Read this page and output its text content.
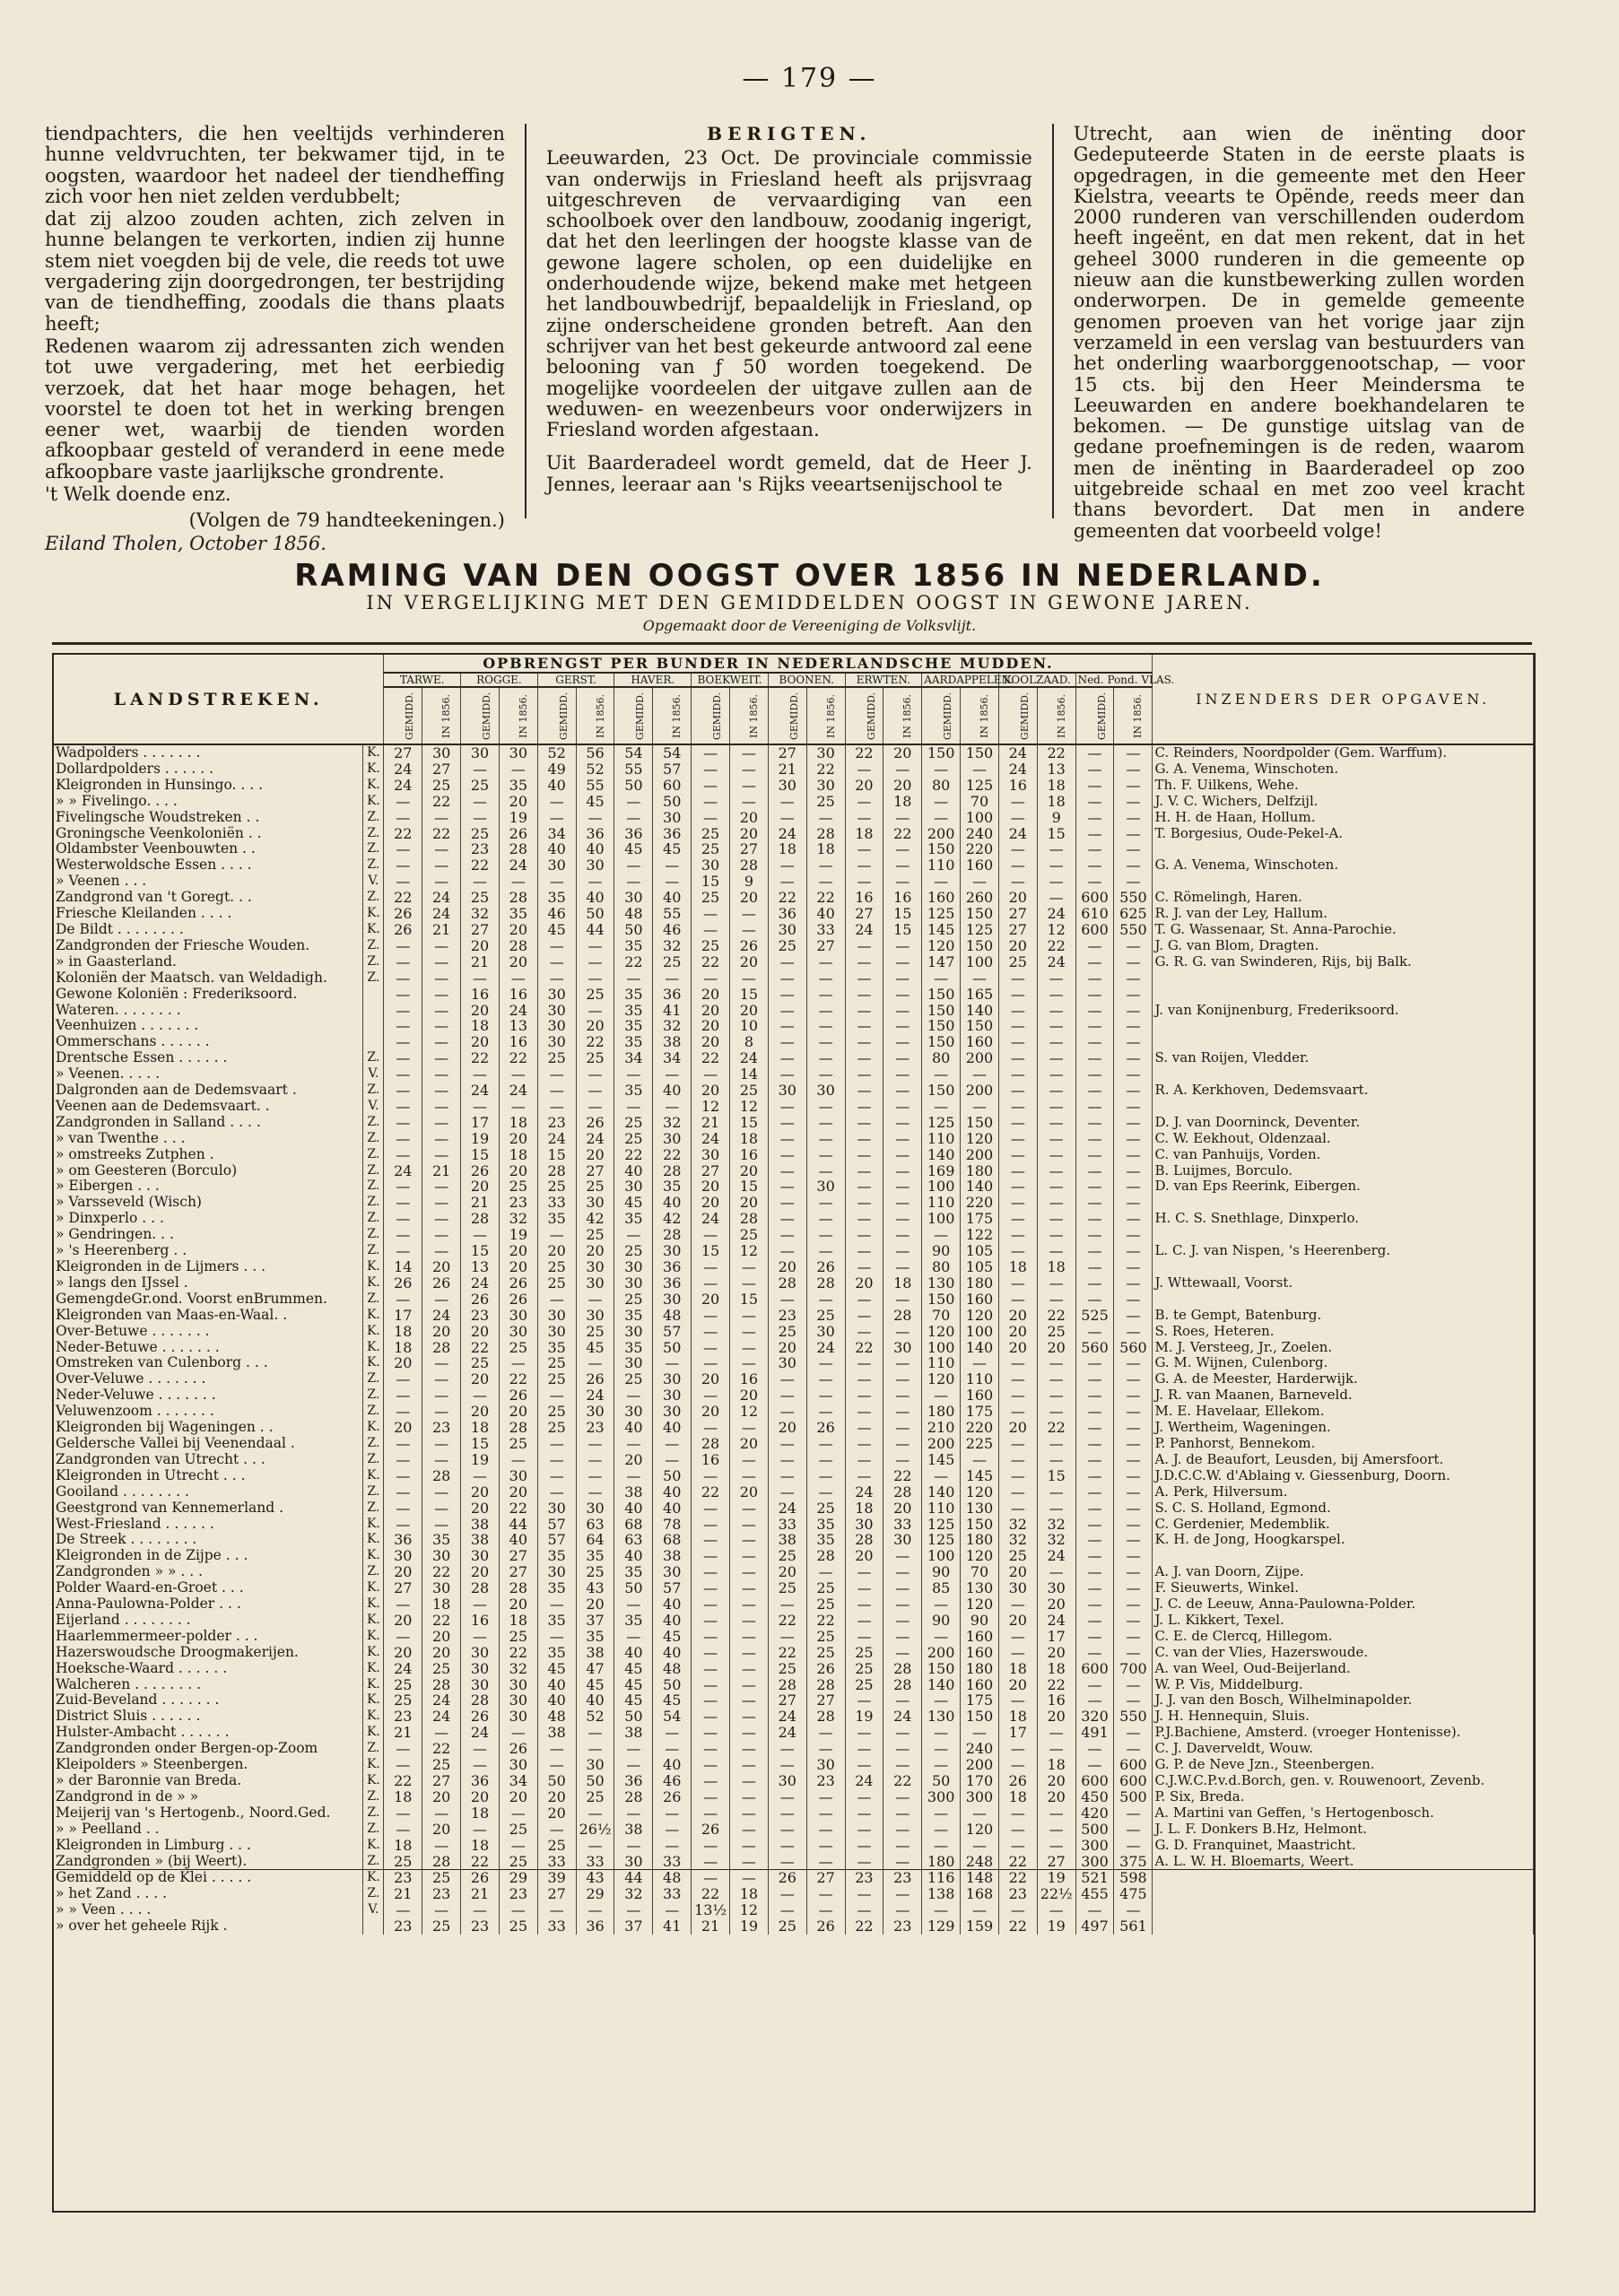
— 179 —

tiendpachters, die hen veeltijds verhinderen hunne veldvruchten, ter bekwamer tijd, in te oogsten, waardoor het nadeel der tiendheffing zich voor hen niet zelden verdubbelt;

dat zij alzoo zouden achten, zich zelven in hunne belangen te verkorten, indien zij hunne stem niet voegden bij de vele, die reeds tot uwe vergadering zijn doorgedrongen, ter bestrijding van de tiendheffing, zoodals die thans plaats heeft;

Redenen waarom zij adressanten zich wenden tot uwe vergadering, met het eerbiedig verzoek, dat het haar moge behagen, het voorstel te doen tot het in werking brengen eener wet, waarbij de tienden worden afkoopbaar gesteld of veranderd in eene mede afkoopbare vaste jaarlijksche grondrente.

't Welk doende enz.

(Volgen de 79 handteekeningen.)

Eiland Tholen, October 1856.

BERIGTEN.

Leeuwarden, 23 Oct. De provinciale commissie van onderwijs in Friesland heeft als prijsvraag uitgeschreven de vervaardiging van een schoolboek over den landbouw, zoodanig ingerigt, dat het den leerlingen der hoogste klasse van de gewone lagere scholen, op een duidelijke en onderhoudende wijze, bekend make met hetgeen het landbouwbedrijf, bepaaldelijk in Friesland, op zijne onderscheidene gronden betreft. Aan den schrijver van het best gekeurde antwoord zal eene belooning van ƒ 50 worden toegekend. De mogelijke voordeelen der uitgave zullen aan de weduwen- en weezenbeurs voor onderwijzers in Friesland worden afgestaan.

Uit Baarderadeel wordt gemeld, dat de Heer J. Jennes, leeraar aan 's Rijks veeartsenijschool te

Utrecht, aan wien de inënting door Gedeputeerde Staten in de eerste plaats is opgedragen, in die gemeente met den Heer Kielstra, veearts te Opënde, reeds meer dan 2000 runderen van verschillenden ouderdom heeft ingeënt, en dat men rekent, dat in het geheel 3000 runderen in die gemeente op nieuw aan die kunstbewerking zullen worden onderworpen. De in gemelde gemeente genomen proeven van het vorige jaar zijn verzameld in een verslag van bestuurders van het onderling waarborggenootschap, — voor 15 cts. bij den Heer Meindersma te Leeuwarden en andere boekhandelaren te bekomen. — De gunstige uitslag van de gedane proefnemingen is de reden, waarom men de inënting in Baarderadeel op zoo uitgebreide schaal en met zoo veel kracht thans bevordert. Dat men in andere gemeenten dat voorbeeld volge!

RAMING VAN DEN OOGST OVER 1856 IN NEDERLAND.
IN VERGELIJKING MET DEN GEMIDDELDEN OOGST IN GEWONE JAREN.
Opgemaakt door de Vereeniging de Volksvlijt.
LANDSTREKEN.		OPBRENGST PER BUNDER IN NEDERLANDSCHE MUDDEN.																				INZENDERS DER OPGAVEN.
		TARWE.		ROGGE.		GERST.		HAVER.		BOEKWEIT.		BOONEN.		ERWTEN.		AARDAPPELEN.		KOOLZAAD.		Ned. Pond. VLAS.		
		GEMIDD.	IN 1856.	GEMIDD.	IN 1856.	GEMIDD.	IN 1856.	GEMIDD.	IN 1856.	GEMIDD.	IN 1856.	GEMIDD.	IN 1856.	GEMIDD.	IN 1856.	GEMIDD.	IN 1856.	GEMIDD.	IN 1856.	GEMIDD.	IN 1856.	
Wadpolders . . . . . . .	K.	27	30	30	30	52	56	54	54	—	—	27	30	22	20	150	150	24	22	—	—	C. Reinders, Noordpolder (Gem. Warffum).
Dollardpolders . . . . . .	K.	24	27	—	—	49	52	55	57	—	—	21	22	—	—	—	—	24	13	—	—	G. A. Venema, Winschoten.
Kleigronden in Hunsingo. . . .	K.	24	25	25	35	40	55	50	60	—	—	30	30	20	20	80	125	16	18	—	—	Th. F. Uilkens, Wehe.
» » Fivelingo. . . .	K.	—	22	—	20	—	45	—	50	—	—	—	25	—	18	—	70	—	18	—	—	J. V. C. Wichers, Delfzijl.
Fivelingsche Woudstreken . .	Z.	—	—	—	19	—	—	—	30	—	20	—	—	—	—	—	100	—	9	—	—	H. H. de Haan, Hollum.
Groningsche Veenkoloniën . .	Z.	22	22	25	26	34	36	36	36	25	20	24	28	18	22	200	240	24	15	—	—	T. Borgesius, Oude-Pekel-A.
Oldambster Veenbouwten . .	Z.	—	—	23	28	40	40	45	45	25	27	18	18	—	—	150	220	—	—	—	—	
Westerwoldsche Essen . . . .	Z.	—	—	22	24	30	30	—	—	30	28	—	—	—	—	110	160	—	—	—	—	G. A. Venema, Winschoten.
» Veenen . . .	V.	—	—	—	—	—	—	—	—	15	9	—	—	—	—	—	—	—	—	—	—	
Zandgrond van 't Goregt. . .	Z.	22	24	25	28	35	40	30	40	25	20	22	22	16	16	160	260	20	—	600	550	C. Römelingh, Haren.
Friesche Kleilanden . . . .	K.	26	24	32	35	46	50	48	55	—	—	36	40	27	15	125	150	27	24	610	625	R. J. van der Ley, Hallum.
De Bildt . . . . . . . .	K.	26	21	27	20	45	44	50	46	—	—	30	33	24	15	145	125	27	12	600	550	T. G. Wassenaar, St. Anna-Parochie.
Zandgronden der Friesche Wouden.	Z.	—	—	20	28	—	—	35	32	25	26	25	27	—	—	120	150	20	22	—	—	J. G. van Blom, Dragten.
» in Gaasterland.	Z.	—	—	21	20	—	—	22	25	22	20	—	—	—	—	147	100	25	24	—	—	G. R. G. van Swinderen, Rijs, bij Balk.
Koloniën der Maatsch. van Weldadigh.	Z.	—	—	—	—	—	—	—	—	—	—	—	—	—	—	—	—	—	—	—	—	
Gewone Koloniën : Frederiksoord.		—	—	16	16	30	25	35	36	20	15	—	—	—	—	150	165	—	—	—	—	
Wateren. . . . . . . .		—	—	20	24	30	—	35	41	20	20	—	—	—	—	150	140	—	—	—	—	J. van Konijnenburg, Frederiksoord.
Veenhuizen . . . . . . .		—	—	18	13	30	20	35	32	20	10	—	—	—	—	150	150	—	—	—	—	
Ommerschans . . . . . .		—	—	20	16	30	22	35	38	20	8	—	—	—	—	150	160	—	—	—	—	
Drentsche Essen . . . . . .	Z.	—	—	22	22	25	25	34	34	22	24	—	—	—	—	80	200	—	—	—	—	S. van Roijen, Vledder.
» Veenen. . . . .	V.	—	—	—	—	—	—	—	—	—	14	—	—	—	—	—	—	—	—	—	—	
Dalgronden aan de Dedemsvaart .	Z.	—	—	24	24	—	—	35	40	20	25	30	30	—	—	150	200	—	—	—	—	R. A. Kerkhoven, Dedemsvaart.
Veenen aan de Dedemsvaart. .	V.	—	—	—	—	—	—	—	—	12	12	—	—	—	—	—	—	—	—	—	—	
Zandgronden in Salland . . . .	Z.	—	—	17	18	23	26	25	32	21	15	—	—	—	—	125	150	—	—	—	—	D. J. van Doorninck, Deventer.
» van Twenthe . . .	Z.	—	—	19	20	24	24	25	30	24	18	—	—	—	—	110	120	—	—	—	—	C. W. Eekhout, Oldenzaal.
» omstreeks Zutphen .	Z.	—	—	15	18	15	20	22	22	30	16	—	—	—	—	140	200	—	—	—	—	C. van Panhuijs, Vorden.
» om Geesteren (Borculo)	Z.	24	21	26	20	28	27	40	28	27	20	—	—	—	—	169	180	—	—	—	—	B. Luijmes, Borculo.
» Eibergen . . .	Z.	—	—	20	25	25	25	30	35	20	15	—	30	—	—	100	140	—	—	—	—	D. van Eps Reerink, Eibergen.
» Varsseveld (Wisch)	Z.	—	—	21	23	33	30	45	40	20	20	—	—	—	—	110	220	—	—	—	—	
» Dinxperlo . . .	Z.	—	—	28	32	35	42	35	42	24	28	—	—	—	—	100	175	—	—	—	—	H. C. S. Snethlage, Dinxperlo.
» Gendringen. . .	Z.	—	—	—	19	—	25	—	28	—	25	—	—	—	—	—	122	—	—	—	—	
» 's Heerenberg . .	Z.	—	—	15	20	20	20	25	30	15	12	—	—	—	—	90	105	—	—	—	—	L. C. J. van Nispen, 's Heerenberg.
Kleigronden in de Lijmers . . .	K.	14	20	13	20	25	30	30	36	—	—	20	26	—	—	80	105	18	18	—	—	
» langs den IJssel .	K.	26	26	24	26	25	30	30	36	—	—	28	28	20	18	130	180	—	—	—	—	J. Wttewaall, Voorst.
GemengdeGr.ond. Voorst enBrummen.	Z.	—	—	26	26	—	—	25	30	20	15	—	—	—	—	150	160	—	—	—	—	
Kleigronden van Maas-en-Waal. .	K.	17	24	23	30	30	30	35	48	—	—	23	25	—	28	70	120	20	22	525	—	B. te Gempt, Batenburg.
Over-Betuwe . . . . . . .	K.	18	20	20	30	30	25	30	57	—	—	25	30	—	—	120	100	20	25	—	—	S. Roes, Heteren.
Neder-Betuwe . . . . . . .	K.	18	28	22	25	35	45	35	50	—	—	20	24	22	30	100	140	20	20	560	560	M. J. Versteeg, Jr., Zoelen.
Omstreken van Culenborg . . .	K.	20	—	25	—	25	—	30	—	—	—	30	—	—	—	110	—	—	—	—	—	G. M. Wijnen, Culenborg.
Over-Veluwe . . . . . . .	Z.	—	—	20	22	25	26	25	30	20	16	—	—	—	—	120	110	—	—	—	—	G. A. de Meester, Harderwijk.
Neder-Veluwe . . . . . . .	Z.	—	—	—	26	—	24	—	30	—	20	—	—	—	—	—	160	—	—	—	—	J. R. van Maanen, Barneveld.
Veluwenzoom . . . . . . .	Z.	—	—	20	20	25	30	30	30	20	12	—	—	—	—	180	175	—	—	—	—	M. E. Havelaar, Ellekom.
Kleigronden bij Wageningen . .	K.	20	23	18	28	25	23	40	40	—	—	20	26	—	—	210	220	20	22	—	—	J. Wertheim, Wageningen.
Geldersche Vallei bij Veenendaal .	Z.	—	—	15	25	—	—	—	—	28	20	—	—	—	—	200	225	—	—	—	—	P. Panhorst, Bennekom.
Zandgronden van Utrecht . . .	Z.	—	—	19	—	—	—	20	—	16	—	—	—	—	—	145	—	—	—	—	—	A. J. de Beaufort, Leusden, bij Amersfoort.
Kleigronden in Utrecht . . .	K.	—	28	—	30	—	—	—	50	—	—	—	—	—	22	—	145	—	15	—	—	J.D.C.C.W. d'Ablaing v. Giessenburg, Doorn.
Gooiland . . . . . . . .	Z.	—	—	20	20	—	—	38	40	22	20	—	—	24	28	140	120	—	—	—	—	A. Perk, Hilversum.
Geestgrond van Kennemerland .	Z.	—	—	20	22	30	30	40	40	—	—	24	25	18	20	110	130	—	—	—	—	S. C. S. Holland, Egmond.
West-Friesland . . . . . .	K.	—	—	38	44	57	63	68	78	—	—	33	35	30	33	125	150	32	32	—	—	C. Gerdenier, Medemblik.
De Streek . . . . . . . .	K.	36	35	38	40	57	64	63	68	—	—	38	35	28	30	125	180	32	32	—	—	K. H. de Jong, Hoogkarspel.
Kleigronden in de Zijpe . . .	K.	30	30	30	27	35	35	40	38	—	—	25	28	20	—	100	120	25	24	—	—	
Zandgronden » » . . .	Z.	20	22	20	27	30	25	35	30	—	—	20	—	—	—	90	70	20	—	—	—	A. J. van Doorn, Zijpe.
Polder Waard-en-Groet . . .	K.	27	30	28	28	35	43	50	57	—	—	25	25	—	—	85	130	30	30	—	—	F. Sieuwerts, Winkel.
Anna-Paulowna-Polder . . .	K.	—	18	—	20	—	20	—	40	—	—	—	25	—	—	—	120	—	20	—	—	J. C. de Leeuw, Anna-Paulowna-Polder.
Eijerland . . . . . . . .	K.	20	22	16	18	35	37	35	40	—	—	22	22	—	—	90	90	20	24	—	—	J. L. Kikkert, Texel.
Haarlemmermeer-polder . . .	K.	—	20	—	25	—	35	—	45	—	—	—	25	—	—	—	160	—	17	—	—	C. E. de Clercq, Hillegom.
Hazerswoudsche Droogmakerijen.	K.	20	20	30	22	35	38	40	40	—	—	22	25	25	—	200	160	—	20	—	—	C. van der Vlies, Hazerswoude.
Hoeksche-Waard . . . . . .	K.	24	25	30	32	45	47	45	48	—	—	25	26	25	28	150	180	18	18	600	700	A. van Weel, Oud-Beijerland.
Walcheren . . . . . . . .	K.	25	28	30	30	40	45	45	50	—	—	28	28	25	28	140	160	20	22	—	—	W. P. Vis, Middelburg.
Zuid-Beveland . . . . . . .	K.	25	24	28	30	40	40	45	45	—	—	27	27	—	—	—	175	—	16	—	—	J. J. van den Bosch, Wilhelminapolder.
District Sluis . . . . . .	K.	23	24	26	30	48	52	50	54	—	—	24	28	19	24	130	150	18	20	320	550	J. H. Hennequin, Sluis.
Hulster-Ambacht . . . . . .	K.	21	—	24	—	38	—	38	—	—	—	24	—	—	—	—	—	17	—	491	—	P.J.Bachiene, Amsterd. (vroeger Hontenisse).
Zandgronden onder Bergen-op-Zoom	Z.	—	22	—	26	—	—	—	—	—	—	—	—	—	—	—	240	—	—	—	—	C. J. Daverveldt, Wouw.
Kleipolders » Steenbergen.	K.	—	25	—	30	—	30	—	40	—	—	—	30	—	—	—	200	—	18	—	600	G. P. de Neve Jzn., Steenbergen.
» der Baronnie van Breda.	K.	22	27	36	34	50	50	36	46	—	—	30	23	24	22	50	170	26	20	600	600	C.J.W.C.P.v.d.Borch, gen. v. Rouwenoort, Zevenb.
Zandgrond in de » »	Z.	18	20	20	20	20	25	28	26	—	—	—	—	—	—	300	300	18	20	450	500	P. Six, Breda.
Meijerij van 's Hertogenb., Noord.Ged.	Z.	—	—	18	—	20	—	—	—	—	—	—	—	—	—	—	—	—	—	420	—	A. Martini van Geffen, 's Hertogenbosch.
» » Peelland . .	Z.	—	20	—	25	—	26½	38	—	26	—	—	—	—	—	—	120	—	—	500	—	J. L. F. Donkers B.Hz, Helmont.
Kleigronden in Limburg . . .	K.	18	—	18	—	25	—	—	—	—	—	—	—	—	—	—	—	—	—	300	—	G. D. Franquinet, Maastricht.
Zandgronden » (bij Weert).	Z.	25	28	22	25	33	33	30	33	—	—	—	—	—	—	180	248	22	27	300	375	A. L. W. H. Bloemarts, Weert.
Gemiddeld op de Klei . . . . .	K.	23	25	26	29	39	43	44	48	—	—	26	27	23	23	116	148	22	19	521	598	
» het Zand . . . .	Z.	21	23	21	23	27	29	32	33	22	18	—	—	—	—	138	168	23	22½	455	475	
» » Veen . . . .	V.	—	—	—	—	—	—	—	—	13½	12	—	—	—	—	—	—	—	—	—	—	
» over het geheele Rijk .		23	25	23	25	33	36	37	41	21	19	25	26	22	23	129	159	22	19	497	561	
